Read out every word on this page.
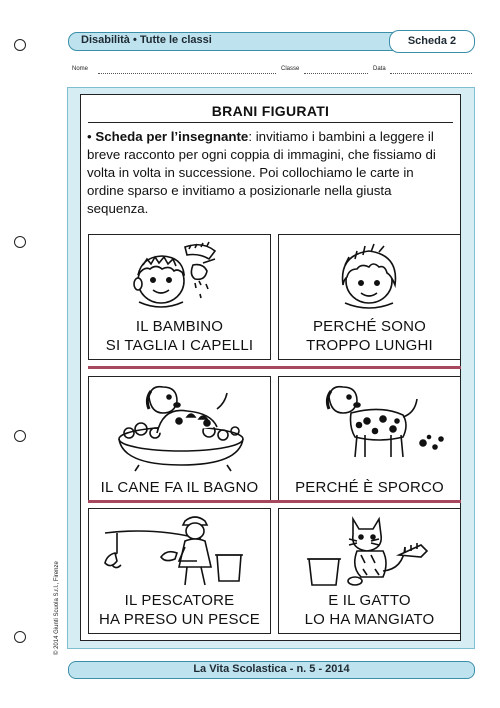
Disabilità • Tutte le classi	Scheda 2
Nome	Classe	Data
BRANI FIGURATI
• Scheda per l’insegnante: invitiamo i bambini a leggere il breve racconto per ogni coppia di immagini, che fissiamo di volta in volta in successione. Poi collochiamo le carte in ordine sparso e invitiamo a posizionarle nella giusta sequenza.
IL BAMBINO
SI TAGLIA I CAPELLI
PERCHÉ SONO
TROPPO LUNGHI
IL CANE FA IL BAGNO	PERCHÉ È SPORCO
IL PESCATORE
HA PRESO UN PESCE
E IL GATTO
LO HA MANGIATO
© 2014 Giunti Scuola S.r.l., Firenze
La Vita Scolastica - n. 5 - 2014
